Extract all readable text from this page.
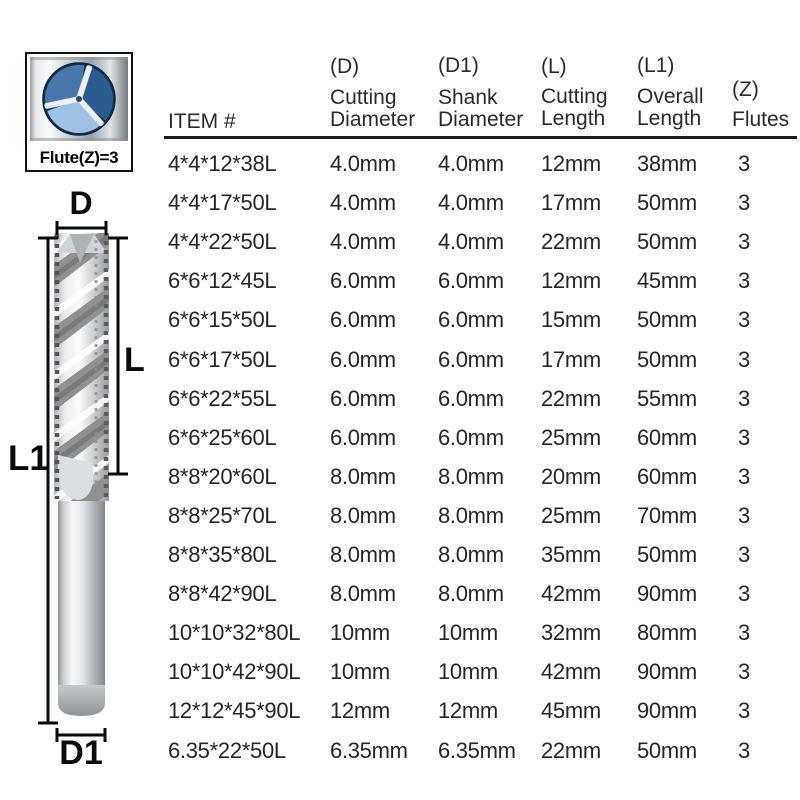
Flute(Z)=3
D
L
L1
D1
ITEM #
(D)
Cutting
Diameter
(D1)
Shank
Diameter
(L)
Cutting
Length
(L1)
Overall
Length
(Z)
Flutes
4*4*12*38L 4.0mm 4.0mm 12mm 38mm 3
4*4*17*50L 4.0mm 4.0mm 17mm 50mm 3
4*4*22*50L 4.0mm 4.0mm 22mm 50mm 3
6*6*12*45L 6.0mm 6.0mm 12mm 45mm 3
6*6*15*50L 6.0mm 6.0mm 15mm 50mm 3
6*6*17*50L 6.0mm 6.0mm 17mm 50mm 3
6*6*22*55L 6.0mm 6.0mm 22mm 55mm 3
6*6*25*60L 6.0mm 6.0mm 25mm 60mm 3
8*8*20*60L 8.0mm 8.0mm 20mm 60mm 3
8*8*25*70L 8.0mm 8.0mm 25mm 70mm 3
8*8*35*80L 8.0mm 8.0mm 35mm 50mm 3
8*8*42*90L 8.0mm 8.0mm 42mm 90mm 3
10*10*32*80L 10mm 10mm 32mm 80mm 3
10*10*42*90L 10mm 10mm 42mm 90mm 3
12*12*45*90L 12mm 12mm 45mm 90mm 3
6.35*22*50L 6.35mm 6.35mm 22mm 50mm 3
